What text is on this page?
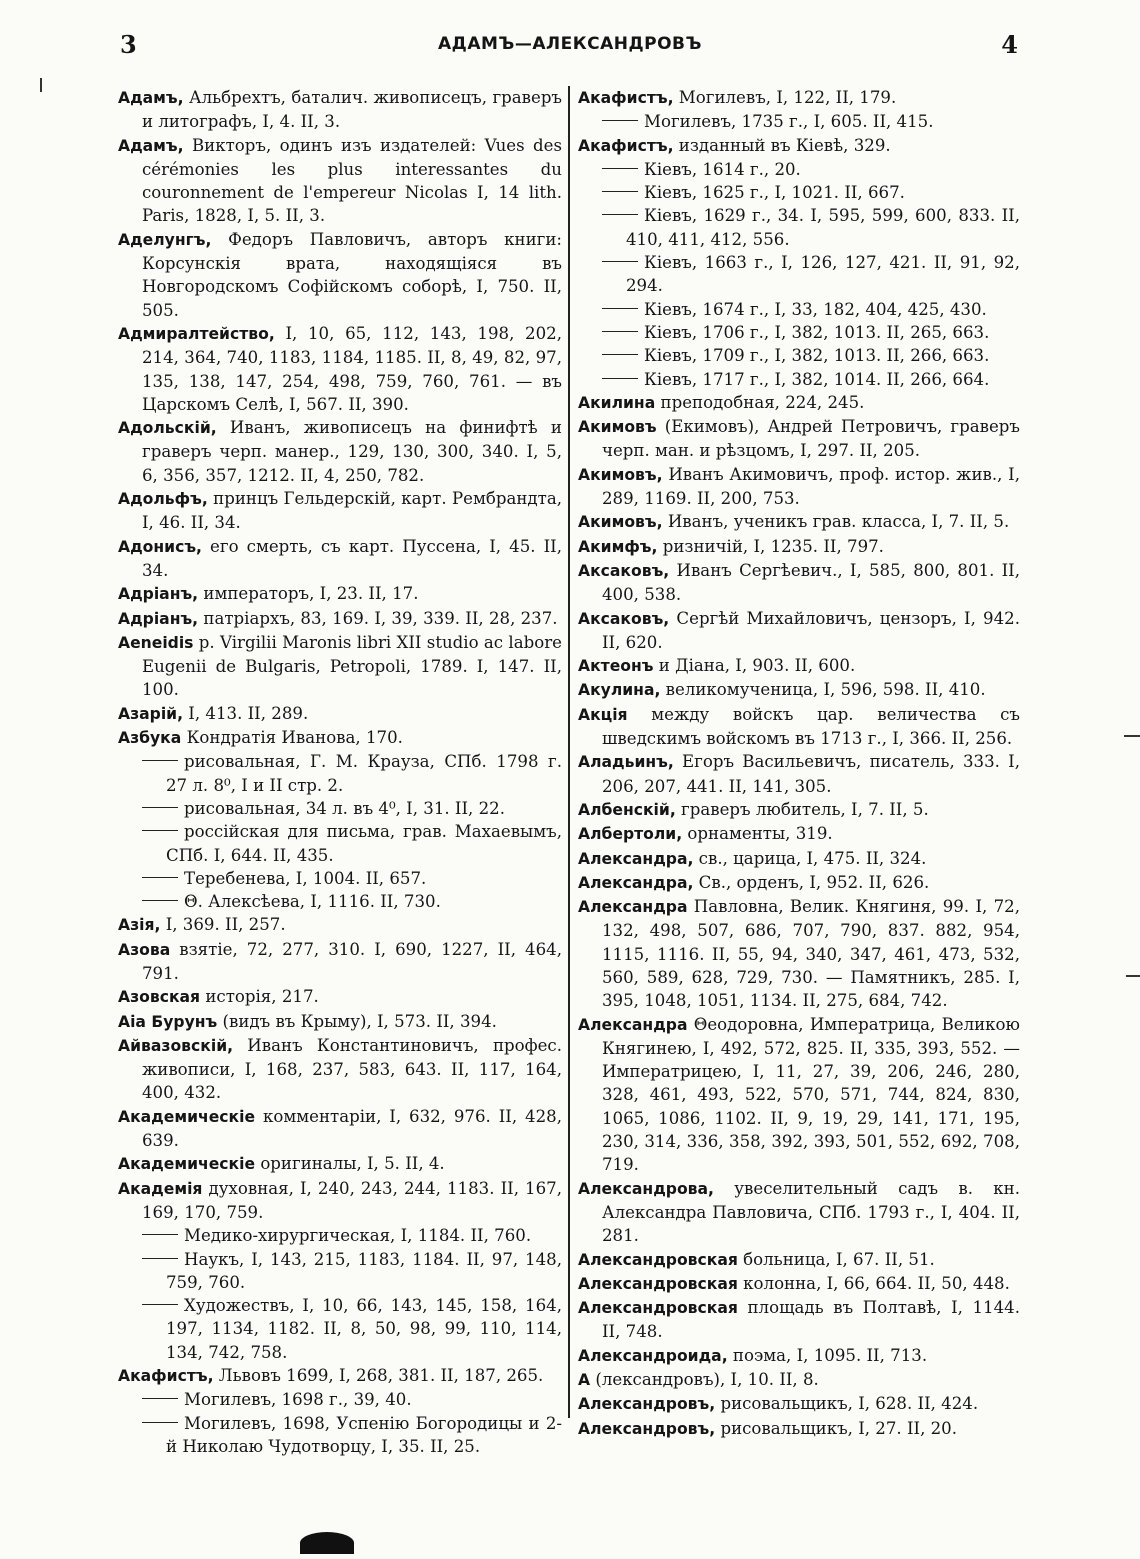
3	АДАМЪ—АЛЕКСАНДРОВЪ	4
Адамъ, Альбрехтъ, баталич. живописецъ, граверъ и литографъ, I, 4. II, 3.
Адамъ, Викторъ, одинъ изъ издателей: Vues des cérémonies les plus interessantes du couronnement de l'empereur Nicolas I, 14 lith. Paris, 1828, I, 5. II, 3.
Аделунгъ, Федоръ Павловичъ, авторъ книги: Корсунскія врата, находящіяся въ Новгородскомъ Софійскомъ соборѣ, I, 750. II, 505.
Адмиралтейство, I, 10, 65, 112, 143, 198, 202, 214, 364, 740, 1183, 1184, 1185. II, 8, 49, 82, 97, 135, 138, 147, 254, 498, 759, 760, 761. — въ Царскомъ Селѣ, I, 567. II, 390.
Адольскій, Иванъ, живописецъ на финифтѣ и граверъ черп. манер., 129, 130, 300, 340. I, 5, 6, 356, 357, 1212. II, 4, 250, 782.
Адольфъ, принцъ Гельдерскій, карт. Рембрандта, I, 46. II, 34.
Адонисъ, его смерть, съ карт. Пуссена, I, 45. II, 34.
Адріанъ, императоръ, I, 23. II, 17.
Адріанъ, патріархъ, 83, 169. I, 39, 339. II, 28, 237.
Aeneidis p. Virgilii Maronis libri XII studio ac labore Eugenii de Bulgaris, Petropoli, 1789. I, 147. II, 100.
Азарій, I, 413. II, 289.
Азбука Кондратія Иванова, 170.
рисовальная, Г. М. Крауза, СПб. 1798 г. 27 л. 8⁰, I и II стр. 2.
рисовальная, 34 л. въ 4⁰, I, 31. II, 22.
россійская для письма, грав. Махаевымъ, СПб. I, 644. II, 435.
Теребенева, I, 1004. II, 657.
Θ. Алексѣева, I, 1116. II, 730.
Азія, I, 369. II, 257.
Азова взятіе, 72, 277, 310. I, 690, 1227, II, 464, 791.
Азовская исторія, 217.
Аіа Бурунъ (видъ въ Крыму), I, 573. II, 394.
Айвазовскій, Иванъ Константиновичъ, профес. живописи, I, 168, 237, 583, 643. II, 117, 164, 400, 432.
Академическіе комментаріи, I, 632, 976. II, 428, 639.
Академическіе оригиналы, I, 5. II, 4.
Академія духовная, I, 240, 243, 244, 1183. II, 167, 169, 170, 759.
Медико-хирургическая, I, 1184. II, 760.
Наукъ, I, 143, 215, 1183, 1184. II, 97, 148, 759, 760.
Художествъ, I, 10, 66, 143, 145, 158, 164, 197, 1134, 1182. II, 8, 50, 98, 99, 110, 114, 134, 742, 758.
Акафистъ, Львовъ 1699, I, 268, 381. II, 187, 265.
Могилевъ, 1698 г., 39, 40.
Могилевъ, 1698, Успенію Богородицы и 2-й Николаю Чудотворцу, I, 35. II, 25.
Акафистъ, Могилевъ, I, 122, II, 179.
Могилевъ, 1735 г., I, 605. II, 415.
Акафистъ, изданный въ Кіевѣ, 329.
Кіевъ, 1614 г., 20.
Кіевъ, 1625 г., I, 1021. II, 667.
Кіевъ, 1629 г., 34. I, 595, 599, 600, 833. II, 410, 411, 412, 556.
Кіевъ, 1663 г., I, 126, 127, 421. II, 91, 92, 294.
Кіевъ, 1674 г., I, 33, 182, 404, 425, 430.
Кіевъ, 1706 г., I, 382, 1013. II, 265, 663.
Кіевъ, 1709 г., I, 382, 1013. II, 266, 663.
Кіевъ, 1717 г., I, 382, 1014. II, 266, 664.
Акилина преподобная, 224, 245.
Акимовъ (Екимовъ), Андрей Петровичъ, граверъ черп. ман. и рѣзцомъ, I, 297. II, 205.
Акимовъ, Иванъ Акимовичъ, проф. истор. жив., I, 289, 1169. II, 200, 753.
Акимовъ, Иванъ, ученикъ грав. класса, I, 7. II, 5.
Акимфъ, ризничій, I, 1235. II, 797.
Аксаковъ, Иванъ Сергѣевич., I, 585, 800, 801. II, 400, 538.
Аксаковъ, Сергѣй Михайловичъ, цензоръ, I, 942. II, 620.
Актеонъ и Діана, I, 903. II, 600.
Акулина, великомученица, I, 596, 598. II, 410.
Акція между войскъ цар. величества съ шведскимъ войскомъ въ 1713 г., I, 366. II, 256.
Аладьинъ, Егоръ Васильевичъ, писатель, 333. I, 206, 207, 441. II, 141, 305.
Албенскій, граверъ любитель, I, 7. II, 5.
Албертоли, орнаменты, 319.
Александра, св., царица, I, 475. II, 324.
Александра, Св., орденъ, I, 952. II, 626.
Александра Павловна, Велик. Княгиня, 99. I, 72, 132, 498, 507, 686, 707, 790, 837. 882, 954, 1115, 1116. II, 55, 94, 340, 347, 461, 473, 532, 560, 589, 628, 729, 730. — Памятникъ, 285. I, 395, 1048, 1051, 1134. II, 275, 684, 742.
Александра Θеодоровна, Императрица, Великою Княгинею, I, 492, 572, 825. II, 335, 393, 552. — Императрицею, I, 11, 27, 39, 206, 246, 280, 328, 461, 493, 522, 570, 571, 744, 824, 830, 1065, 1086, 1102. II, 9, 19, 29, 141, 171, 195, 230, 314, 336, 358, 392, 393, 501, 552, 692, 708, 719.
Александрова, увеселительный садъ в. кн. Александра Павловича, СПб. 1793 г., I, 404. II, 281.
Александровская больница, I, 67. II, 51.
Александровская колонна, I, 66, 664. II, 50, 448.
Александровская площадь въ Полтавѣ, I, 1144. II, 748.
Александроида, поэма, I, 1095. II, 713.
А (лександровъ), I, 10. II, 8.
Александровъ, рисовальщикъ, I, 628. II, 424.
Александровъ, рисовальщикъ, I, 27. II, 20.
